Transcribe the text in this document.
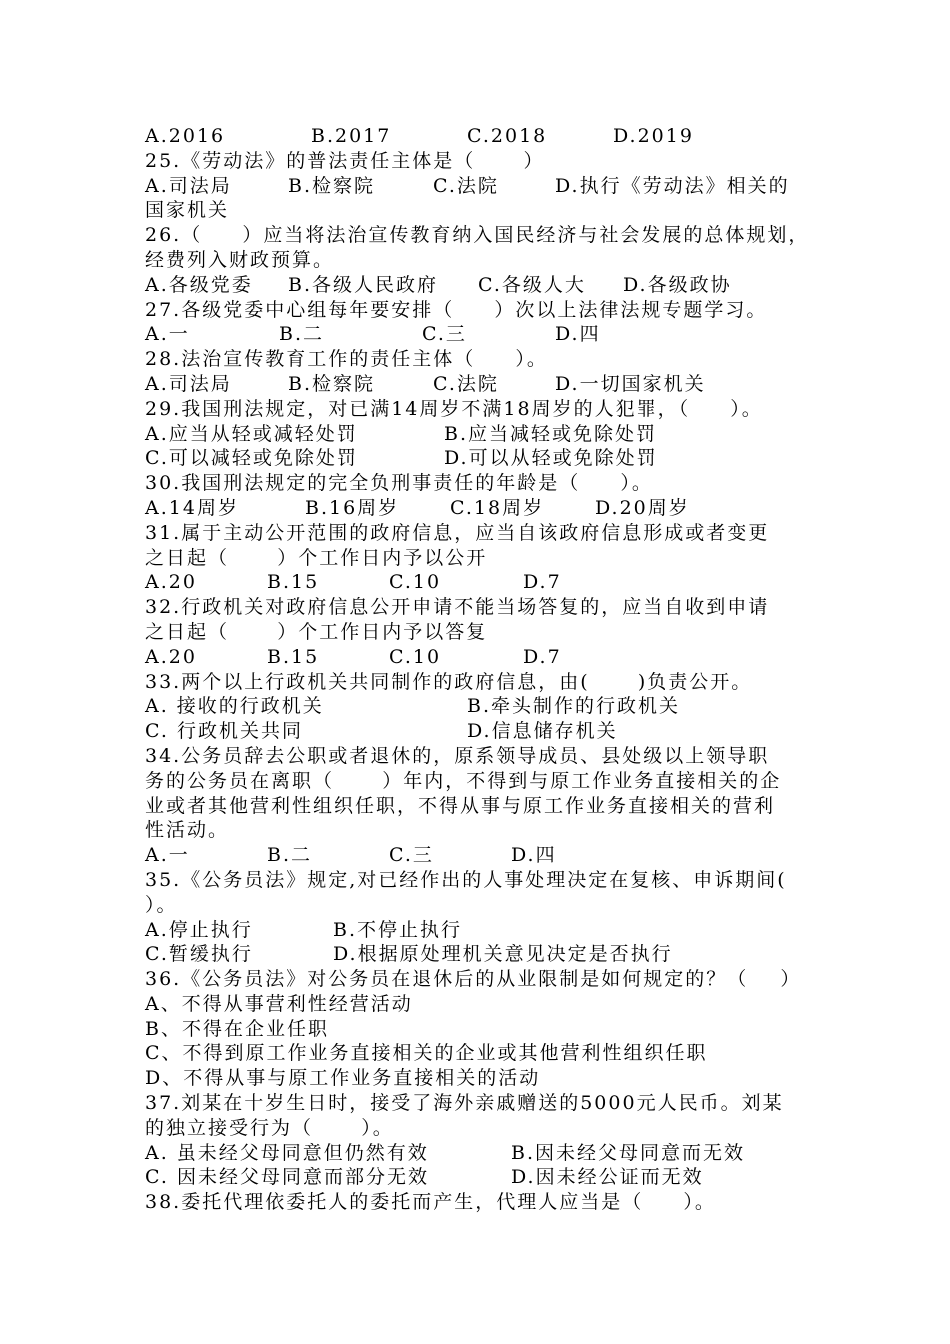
A.2016	B.2017	C.2018	D.2019
25.《劳动法》的普法责任主体是（      ）
A.司法局	B.检察院	C.法院	D.执行《劳动法》相关的
国家机关
26.（     ）应当将法治宣传教育纳入国民经济与社会发展的总体规划，
经费列入财政预算。
A.各级党委 B.各级人民政府 C.各级人大 D.各级政协
27.各级党委中心组每年要安排（     ）次以上法律法规专题学习。
A.一	B.二	C.三	D.四
28.法治宣传教育工作的责任主体（     ）。
A.司法局	B.检察院	C.法院	D.一切国家机关
29.我国刑法规定，对已满14周岁不满18周岁的人犯罪，（     ）。
A.应当从轻或减轻处罚	B.应当减轻或免除处罚
C.可以减轻或免除处罚	D.可以从轻或免除处罚
30.我国刑法规定的完全负刑事责任的年龄是（     ）。
A.14周岁	B.16周岁	C.18周岁	D.20周岁
31.属于主动公开范围的政府信息，应当自该政府信息形成或者变更
之日起（      ）个工作日内予以公开
A.20	B.15	C.10	D.7
32.行政机关对政府信息公开申请不能当场答复的，应当自收到申请
之日起（      ）个工作日内予以答复
A.20	B.15	C.10	D.7
33.两个以上行政机关共同制作的政府信息，由(      )负责公开。
A. 接收的行政机关	B.牵头制作的行政机关
C. 行政机关共同	D.信息储存机关
34.公务员辞去公职或者退休的，原系领导成员、县处级以上领导职
务的公务员在离职（      ）年内，不得到与原工作业务直接相关的企
业或者其他营利性组织任职，不得从事与原工作业务直接相关的营利
性活动。
A.一	B.二	C.三	D.四
35.《公务员法》规定,对已经作出的人事处理决定在复核、申诉期间(
）。
A.停止执行	B.不停止执行
C.暂缓执行	D.根据原处理机关意见决定是否执行
36.《公务员法》对公务员在退休后的从业限制是如何规定的？（    ）
A、不得从事营利性经营活动
B、不得在企业任职
C、不得到原工作业务直接相关的企业或其他营利性组织任职
D、不得从事与原工作业务直接相关的活动
37.刘某在十岁生日时，接受了海外亲戚赠送的5000元人民币。刘某
的独立接受行为（      ）。
A. 虽未经父母同意但仍然有效	B.因未经父母同意而无效
C. 因未经父母同意而部分无效	D.因未经公证而无效
38.委托代理依委托人的委托而产生，代理人应当是（     ）。
